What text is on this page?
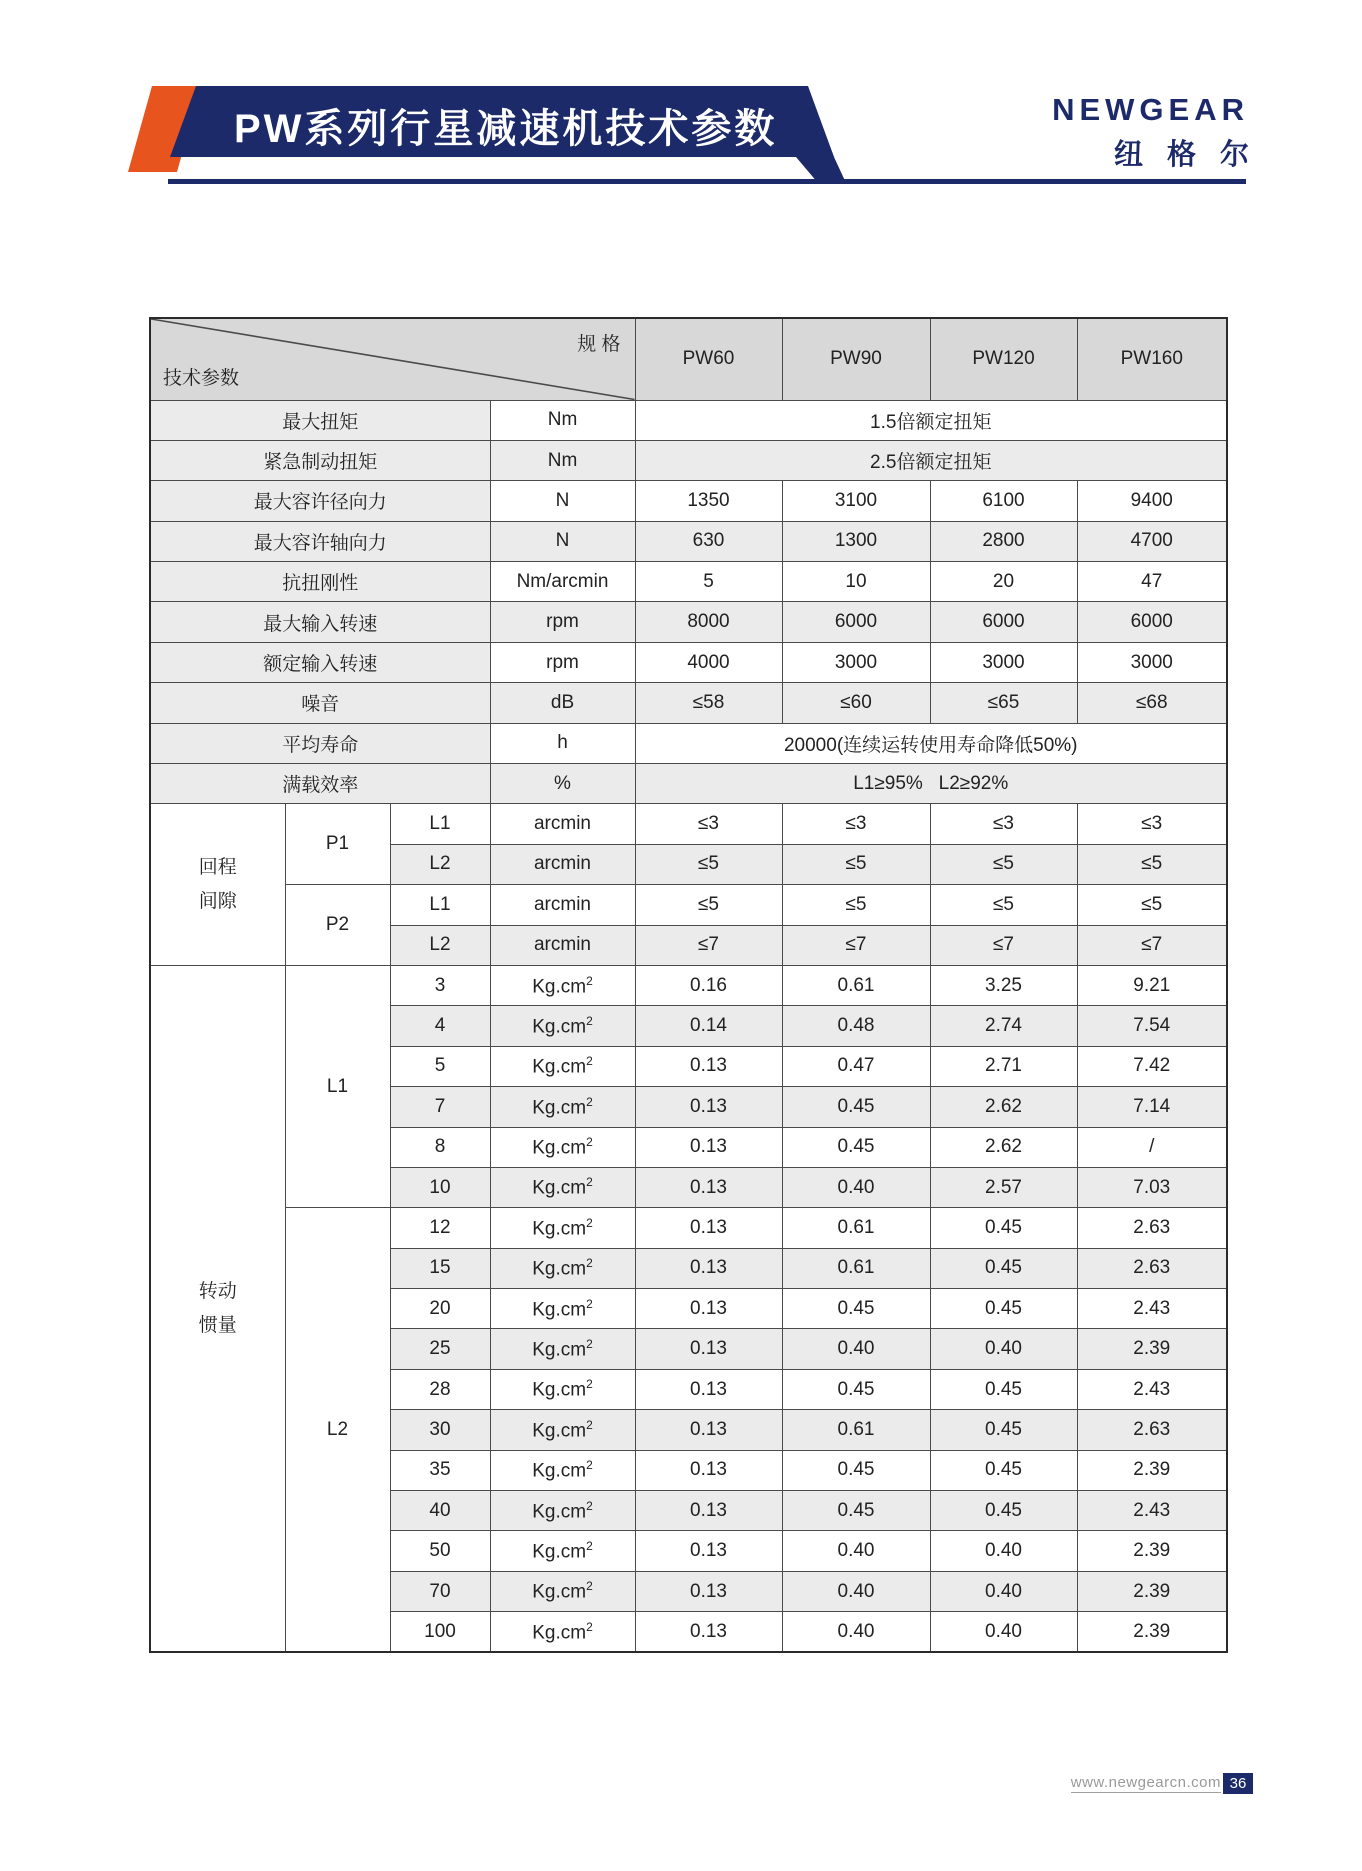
PW系列行星减速机技术参数	NEWGEAR
纽格尔
规 格
技术参数				PW60	PW90	PW120	PW160
最大扭矩			Nm	1.5倍额定扭矩			
紧急制动扭矩			Nm	2.5倍额定扭矩			
最大容许径向力			N	1350	3100	6100	9400
最大容许轴向力			N	630	1300	2800	4700
抗扭刚性			Nm/arcmin	5	10	20	47
最大输入转速			rpm	8000	6000	6000	6000
额定输入转速			rpm	4000	3000	3000	3000
噪音			dB	≤58	≤60	≤65	≤68
平均寿命			h	20000(连续运转使用寿命降低50%)			
满载效率			%	L1≥95%   L2≥92%			

回程
间隙	P1	L1	arcmin	≤3	≤3	≤3	≤3
		L2	arcmin	≤5	≤5	≤5	≤5
	P2	L1	arcmin	≤5	≤5	≤5	≤5
		L2	arcmin	≤7	≤7	≤7	≤7

转动
惯量	L1	3	$Kg.cm^2$	0.16	0.61	3.25	9.21
		4	$Kg.cm^2$	0.14	0.48	2.74	7.54
		5	$Kg.cm^2$	0.13	0.47	2.71	7.42
		7	$Kg.cm^2$	0.13	0.45	2.62	7.14
		8	$Kg.cm^2$	0.13	0.45	2.62	/
		10	$Kg.cm^2$	0.13	0.40	2.57	7.03
	L2	12	$Kg.cm^2$	0.13	0.61	0.45	2.63
		15	$Kg.cm^2$	0.13	0.61	0.45	2.63
		20	$Kg.cm^2$	0.13	0.45	0.45	2.43
		25	$Kg.cm^2$	0.13	0.40	0.40	2.39
		28	$Kg.cm^2$	0.13	0.45	0.45	2.43
		30	$Kg.cm^2$	0.13	0.61	0.45	2.63
		35	$Kg.cm^2$	0.13	0.45	0.45	2.39
		40	$Kg.cm^2$	0.13	0.45	0.45	2.43
		50	$Kg.cm^2$	0.13	0.40	0.40	2.39
		70	$Kg.cm^2$	0.13	0.40	0.40	2.39
		100	$Kg.cm^2$	0.13	0.40	0.40	2.39
www.newgearcn.com 36
